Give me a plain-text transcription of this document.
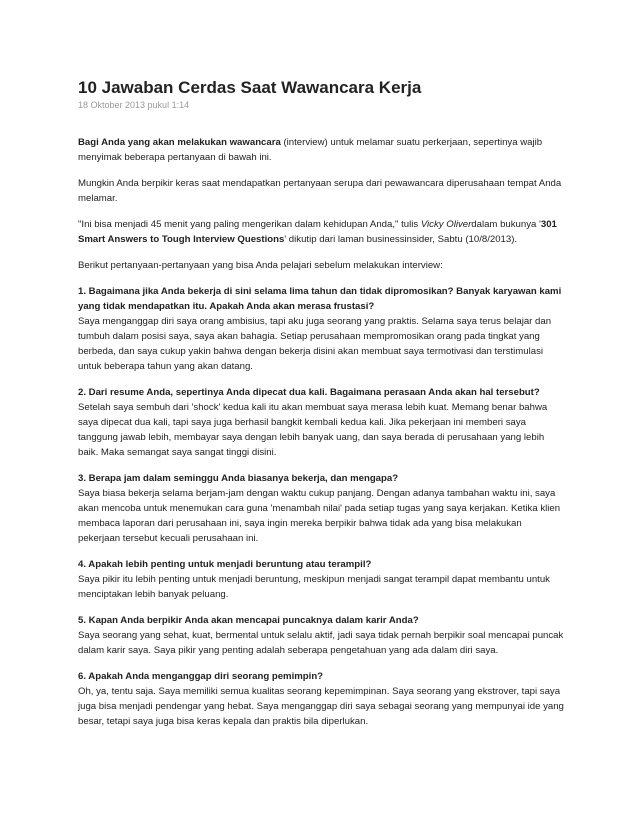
10 Jawaban Cerdas Saat Wawancara Kerja
18 Oktober 2013 pukul 1:14

Bagi Anda yang akan melakukan wawancara (interview) untuk melamar suatu perkerjaan, sepertinya wajib menyimak beberapa pertanyaan di bawah ini.

Mungkin Anda berpikir keras saat mendapatkan pertanyaan serupa dari pewawancara diperusahaan tempat Anda melamar.

"Ini bisa menjadi 45 menit yang paling mengerikan dalam kehidupan Anda," tulis Vicky Oliverdalam bukunya '301 Smart Answers to Tough Interview Questions' dikutip dari laman businessinsider, Sabtu (10/8/2013).

Berikut pertanyaan-pertanyaan yang bisa Anda pelajari sebelum melakukan interview:

1. Bagaimana jika Anda bekerja di sini selama lima tahun dan tidak dipromosikan? Banyak karyawan kami yang tidak mendapatkan itu. Apakah Anda akan merasa frustasi?

Saya menganggap diri saya orang ambisius, tapi aku juga seorang yang praktis. Selama saya terus belajar dan tumbuh dalam posisi saya, saya akan bahagia. Setiap perusahaan mempromosikan orang pada tingkat yang berbeda, dan saya cukup yakin bahwa dengan bekerja disini akan membuat saya termotivasi dan terstimulasi untuk beberapa tahun yang akan datang.

2. Dari resume Anda, sepertinya Anda dipecat dua kali. Bagaimana perasaan Anda akan hal tersebut?

Setelah saya sembuh dari 'shock' kedua kali itu akan membuat saya merasa lebih kuat. Memang benar bahwa saya dipecat dua kali, tapi saya juga berhasil bangkit kembali kedua kali. Jika pekerjaan ini memberi saya tanggung jawab lebih, membayar saya dengan lebih banyak uang, dan saya berada di perusahaan yang lebih baik. Maka semangat saya sangat tinggi disini.

3. Berapa jam dalam seminggu Anda biasanya bekerja, dan mengapa?

Saya biasa bekerja selama berjam-jam dengan waktu cukup panjang. Dengan adanya tambahan waktu ini, saya akan mencoba untuk menemukan cara guna 'menambah nilai' pada setiap tugas yang saya kerjakan. Ketika klien membaca laporan dari perusahaan ini, saya ingin mereka berpikir bahwa tidak ada yang bisa melakukan pekerjaan tersebut kecuali perusahaan ini.

4. Apakah lebih penting untuk menjadi beruntung atau terampil?

Saya pikir itu lebih penting untuk menjadi beruntung, meskipun menjadi sangat terampil dapat membantu untuk menciptakan lebih banyak peluang.

5. Kapan Anda berpikir Anda akan mencapai puncaknya dalam karir Anda?

Saya seorang yang sehat, kuat, bermental untuk selalu aktif, jadi saya tidak pernah berpikir soal mencapai puncak dalam karir saya. Saya pikir yang penting adalah seberapa pengetahuan yang ada dalam diri saya.

6. Apakah Anda menganggap diri seorang pemimpin?

Oh, ya, tentu saja. Saya memiliki semua kualitas seorang kepemimpinan. Saya seorang yang ekstrover, tapi saya juga bisa menjadi pendengar yang hebat. Saya menganggap diri saya sebagai seorang yang mempunyai ide yang besar, tetapi saya juga bisa keras kepala dan praktis bila diperlukan.
